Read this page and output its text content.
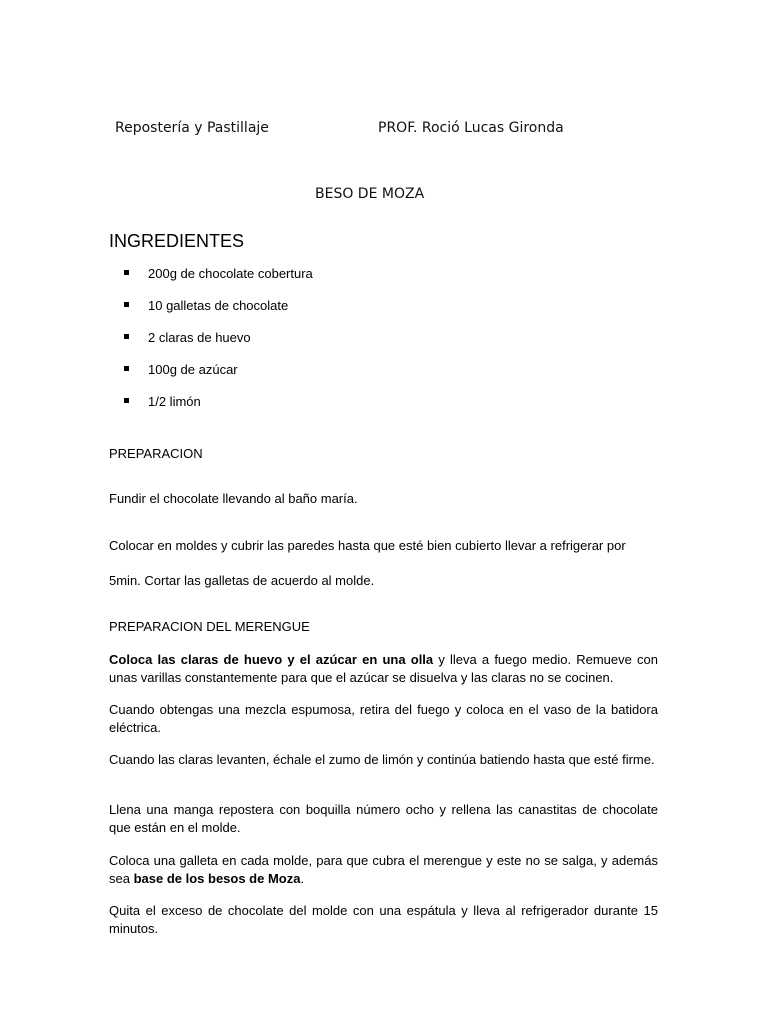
Repostería y Pastillaje	PROF. Roció Lucas Gironda
BESO DE MOZA
INGREDIENTES
200g de chocolate cobertura
10 galletas de chocolate
2 claras de huevo
100g de azúcar
1/2 limón

PREPARACION

Fundir el chocolate llevando al baño maría.

Colocar en moldes y cubrir las paredes hasta que esté bien cubierto llevar a refrigerar por

5min. Cortar las galletas de acuerdo al molde.

PREPARACION DEL MERENGUE

Coloca las claras de huevo y el azúcar en una olla y lleva a fuego medio. Remueve con unas varillas constantemente para que el azúcar se disuelva y las claras no se cocinen.

Cuando obtengas una mezcla espumosa, retira del fuego y coloca en el vaso de la batidora eléctrica.

Cuando las claras levanten, échale el zumo de limón y continúa batiendo hasta que esté firme.

Llena una manga repostera con boquilla número ocho y rellena las canastitas de chocolate que están en el molde.

Coloca una galleta en cada molde, para que cubra el merengue y este no se salga, y además sea base de los besos de Moza.

Quita el exceso de chocolate del molde con una espátula y lleva al refrigerador durante 15 minutos.
